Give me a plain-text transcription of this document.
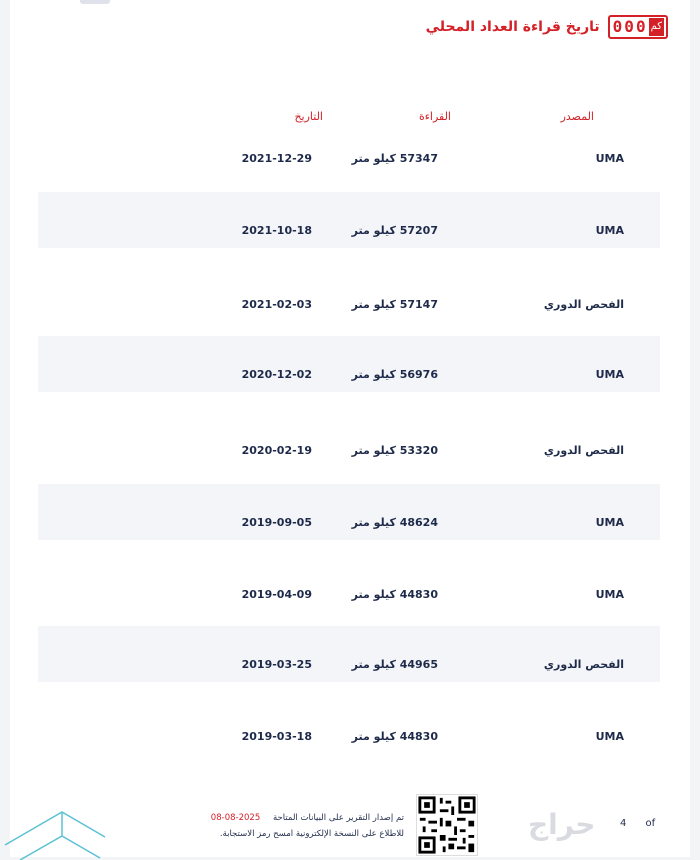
0 0 0 كم
تاريخ قراءة العداد المحلي
UMA
57347 كيلو متر
2021-12-29
UMA
57207 كيلو متر
2021-10-18
الفحص الدوري
57147 كيلو متر
2021-02-03
UMA
56976 كيلو متر
2020-12-02
الفحص الدوري
53320 كيلو متر
2020-02-19
UMA
48624 كيلو متر
2019-09-05
UMA
44830 كيلو متر
2019-04-09
الفحص الدوري
44965 كيلو متر
2019-03-25
UMA
44830 كيلو متر
2019-03-18
المصدر
القراءة
التاريخ
تم إصدار التقرير على البيانات المتاحة 2025-08-08
للاطلاع على النسخة الإلكترونية امسح رمز الاستجابة.
4 of
حراج
